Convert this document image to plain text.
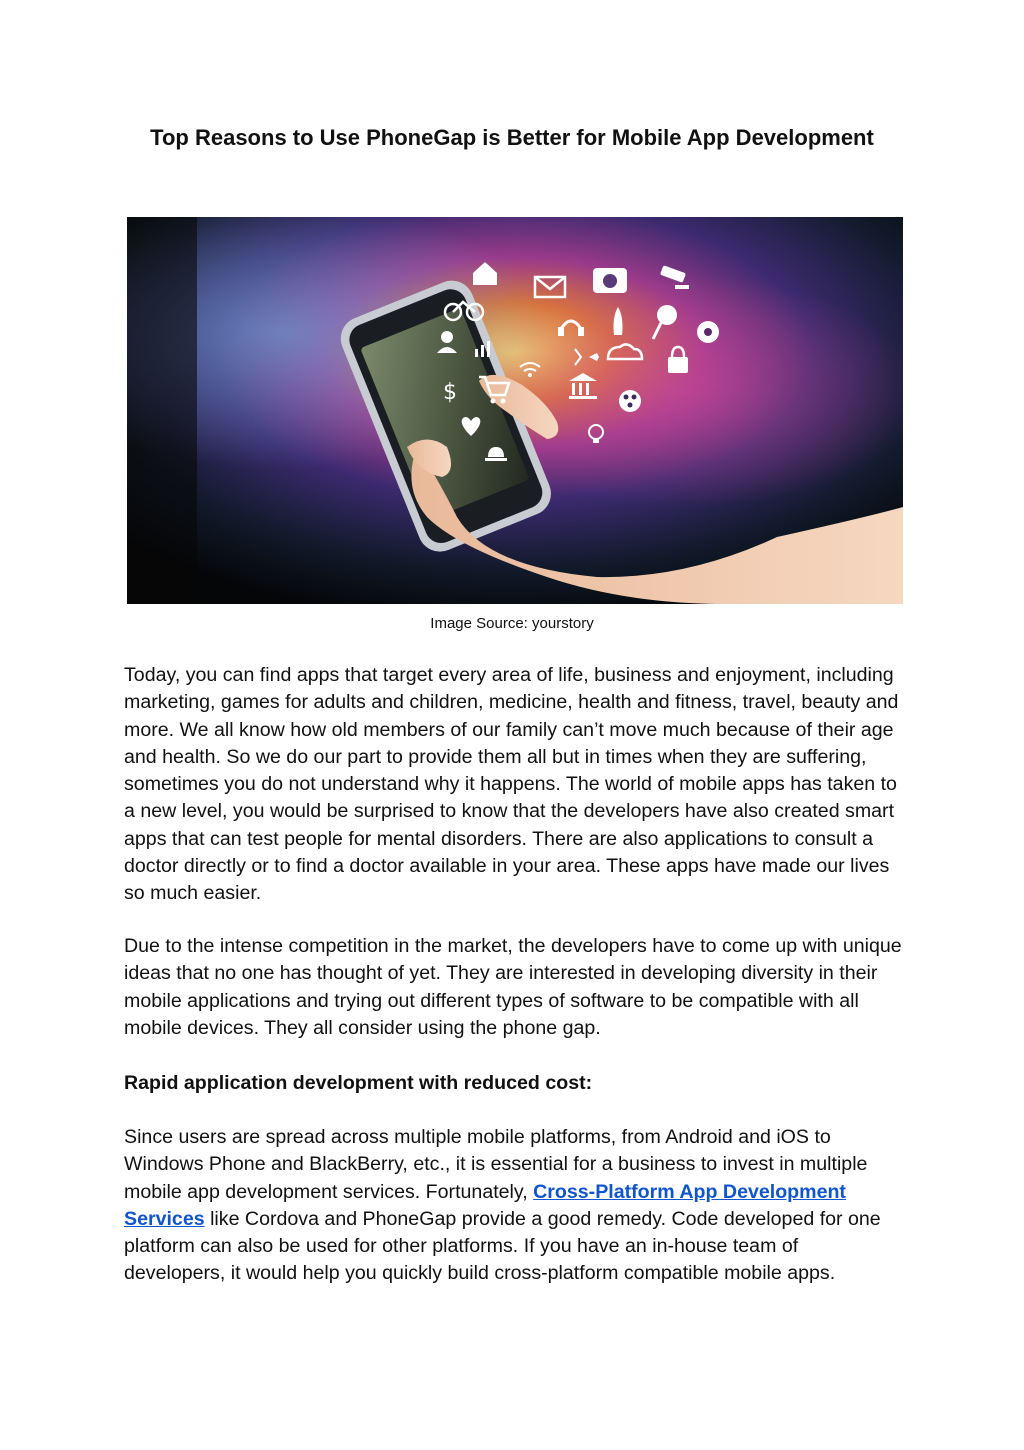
Top Reasons to Use PhoneGap is Better for Mobile App Development
$

Image Source: yourstory

Today, you can find apps that target every area of life, business and enjoyment, including marketing, games for adults and children, medicine, health and fitness, travel, beauty and more. We all know how old members of our family can’t move much because of their age and health. So we do our part to provide them all but in times when they are suffering, sometimes you do not understand why it happens. The world of mobile apps has taken to a new level, you would be surprised to know that the developers have also created smart apps that can test people for mental disorders. There are also applications to consult a doctor directly or to find a doctor available in your area. These apps have made our lives so much easier.

Due to the intense competition in the market, the developers have to come up with unique ideas that no one has thought of yet. They are interested in developing diversity in their mobile applications and trying out different types of software to be compatible with all mobile devices. They all consider using the phone gap.

Rapid application development with reduced cost:

Since users are spread across multiple mobile platforms, from Android and iOS to Windows Phone and BlackBerry, etc., it is essential for a business to invest in multiple mobile app development services. Fortunately, Cross-Platform App Development Services like Cordova and PhoneGap provide a good remedy. Code developed for one platform can also be used for other platforms. If you have an in-house team of developers, it would help you quickly build cross-platform compatible mobile apps.
